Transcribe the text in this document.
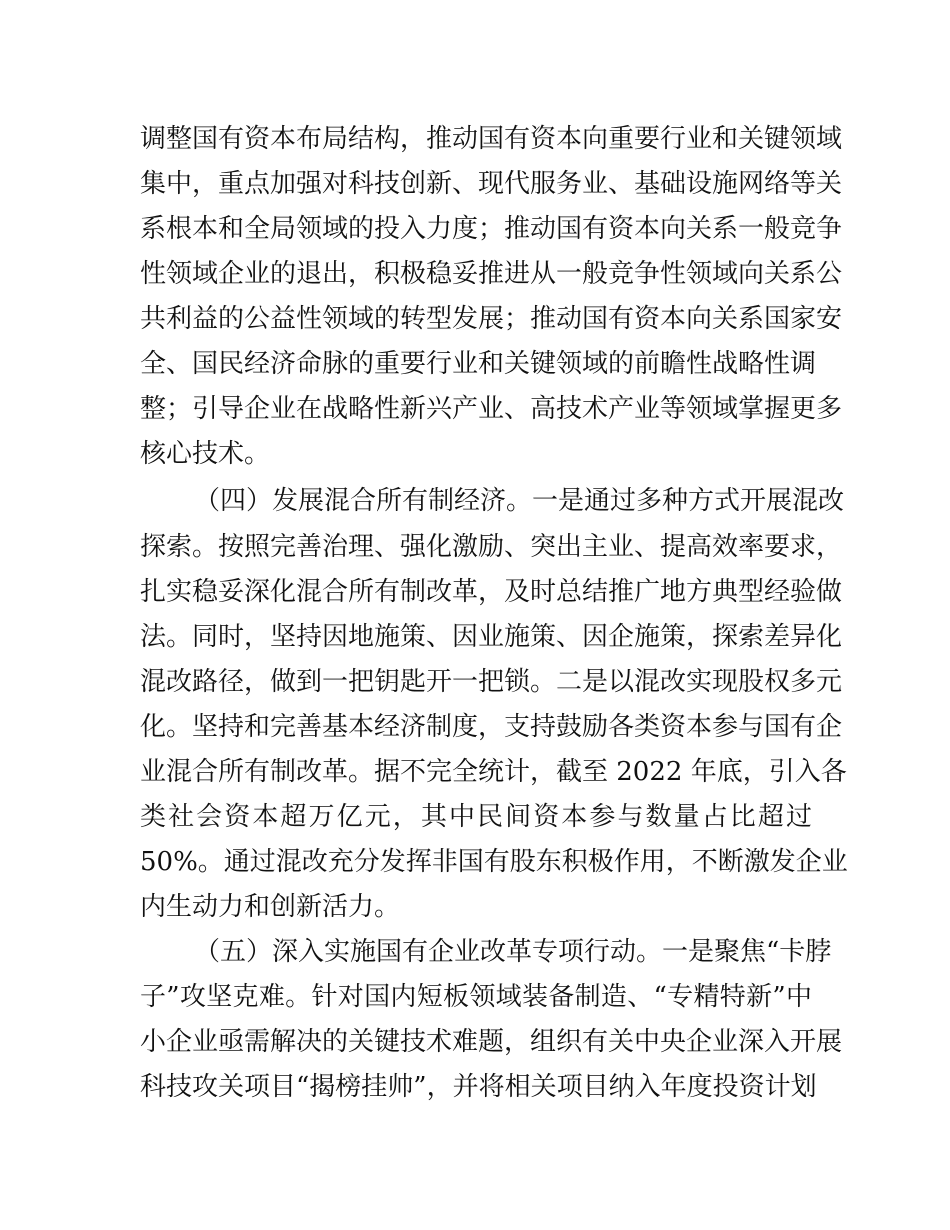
调整国有资本布局结构，推动国有资本向重要行业和关键领域
集中，重点加强对科技创新、现代服务业、基础设施网络等关
系根本和全局领域的投入力度；推动国有资本向关系一般竞争
性领域企业的退出，积极稳妥推进从一般竞争性领域向关系公
共利益的公益性领域的转型发展；推动国有资本向关系国家安
全、国民经济命脉的重要行业和关键领域的前瞻性战略性调
整；引导企业在战略性新兴产业、高技术产业等领域掌握更多
核心技术。
（四）发展混合所有制经济。一是通过多种方式开展混改
探索。按照完善治理、强化激励、突出主业、提高效率要求，
扎实稳妥深化混合所有制改革，及时总结推广地方典型经验做
法。同时，坚持因地施策、因业施策、因企施策，探索差异化
混改路径，做到一把钥匙开一把锁。二是以混改实现股权多元
化。坚持和完善基本经济制度，支持鼓励各类资本参与国有企
业混合所有制改革。据不完全统计，截至 2022 年底，引入各
类社会资本超万亿元，其中民间资本参与数量占比超过
50%。通过混改充分发挥非国有股东积极作用，不断激发企业
内生动力和创新活力。
（五）深入实施国有企业改革专项行动。一是聚焦“卡脖
子”攻坚克难。针对国内短板领域装备制造、“专精特新”中
小企业亟需解决的关键技术难题，组织有关中央企业深入开展
科技攻关项目“揭榜挂帅”，并将相关项目纳入年度投资计划
